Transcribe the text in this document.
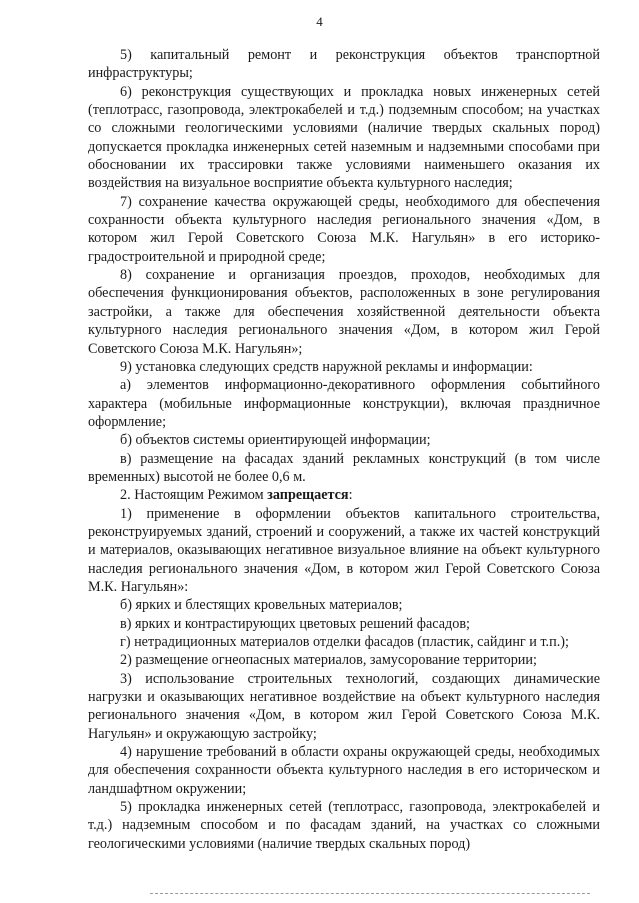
4

5) капитальный ремонт и реконструкция объектов транспортной инфраструктуры;

6) реконструкция существующих и прокладка новых инженерных сетей (теплотрасс, газопровода, электрокабелей и т.д.) подземным способом; на участках со сложными геологическими условиями (наличие твердых скальных пород) допускается прокладка инженерных сетей наземным и надземными способами при обосновании их трассировки также условиями наименьшего оказания их воздействия на визуальное восприятие объекта культурного наследия;

7) сохранение качества окружающей среды, необходимого для обеспечения сохранности объекта культурного наследия регионального значения «Дом, в котором жил Герой Советского Союза М.К. Нагульян» в его историко-градостроительной и природной среде;

8) сохранение и организация проездов, проходов, необходимых для обеспечения функционирования объектов, расположенных в зоне регулирования застройки, а также для обеспечения хозяйственной деятельности объекта культурного наследия регионального значения «Дом, в котором жил Герой Советского Союза М.К. Нагульян»;

9) установка следующих средств наружной рекламы и информации:

а) элементов информационно-декоративного оформления событийного характера (мобильные информационные конструкции), включая праздничное оформление;

б) объектов системы ориентирующей информации;

в) размещение на фасадах зданий рекламных конструкций (в том числе временных) высотой не более 0,6 м.

2. Настоящим Режимом запрещается:

1) применение в оформлении объектов капитального строительства, реконструируемых зданий, строений и сооружений, а также их частей конструкций и материалов, оказывающих негативное визуальное влияние на объект культурного наследия регионального значения «Дом, в котором жил Герой Советского Союза М.К. Нагульян»:

б) ярких и блестящих кровельных материалов;

в) ярких и контрастирующих цветовых решений фасадов;

г) нетрадиционных материалов отделки фасадов (пластик, сайдинг и т.п.);

2) размещение огнеопасных материалов, замусорование территории;

3) использование строительных технологий, создающих динамические нагрузки и оказывающих негативное воздействие на объект культурного наследия регионального значения «Дом, в котором жил Герой Советского Союза М.К. Нагульян» и окружающую застройку;

4) нарушение требований в области охраны окружающей среды, необходимых для обеспечения сохранности объекта культурного наследия в его историческом и ландшафтном окружении;

5) прокладка инженерных сетей (теплотрасс, газопровода, электрокабелей и т.д.) надземным способом и по фасадам зданий, на участках со сложными геологическими условиями (наличие твердых скальных пород)
